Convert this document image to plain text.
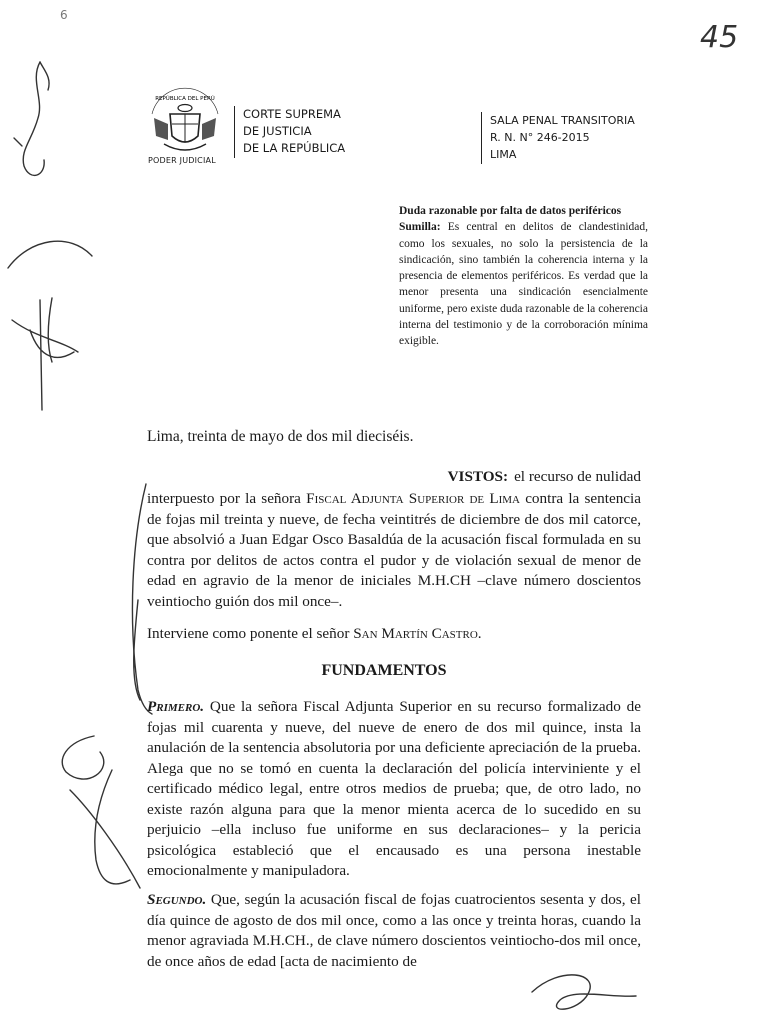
6
45
REPÚBLICA DEL PERÚ
PODER JUDICIAL
CORTE SUPREMA
DE JUSTICIA
DE LA REPÚBLICA
SALA PENAL TRANSITORIA
R. N. N° 246-2015
LIMA
Duda razonable por falta de datos periféricos
Sumilla: Es central en delitos de clandestinidad, como los sexuales, no solo la persistencia de la sindicación, sino también la coherencia interna y la presencia de elementos periféricos. Es verdad que la menor presenta una sindicación esencialmente uniforme, pero existe duda razonable de la coherencia interna del testimonio y de la corroboración mínima exigible.
Lima, treinta de mayo de dos mil dieciséis.
VISTOS: el recurso de nulidad
interpuesto por la señora Fiscal Adjunta Superior de Lima contra la sentencia de fojas mil treinta y nueve, de fecha veintitrés de diciembre de dos mil catorce, que absolvió a Juan Edgar Osco Basaldúa de la acusación fiscal formulada en su contra por delitos de actos contra el pudor y de violación sexual de menor de edad en agravio de la menor de iniciales M.H.CH –clave número doscientos veintiocho guión dos mil once–.
Interviene como ponente el señor San Martín Castro.
FUNDAMENTOS
Primero. Que la señora Fiscal Adjunta Superior en su recurso formalizado de fojas mil cuarenta y nueve, del nueve de enero de dos mil quince, insta la anulación de la sentencia absolutoria por una deficiente apreciación de la prueba. Alega que no se tomó en cuenta la declaración del policía interviniente y el certificado médico legal, entre otros medios de prueba; que, de otro lado, no existe razón alguna para que la menor mienta acerca de lo sucedido en su perjuicio –ella incluso fue uniforme en sus declaraciones– y la pericia psicológica estableció que el encausado es una persona inestable emocionalmente y manipuladora.
Segundo. Que, según la acusación fiscal de fojas cuatrocientos sesenta y dos, el día quince de agosto de dos mil once, como a las once y treinta horas, cuando la menor agraviada M.H.CH., de clave número doscientos veintiocho-dos mil once, de once años de edad [acta de nacimiento de
